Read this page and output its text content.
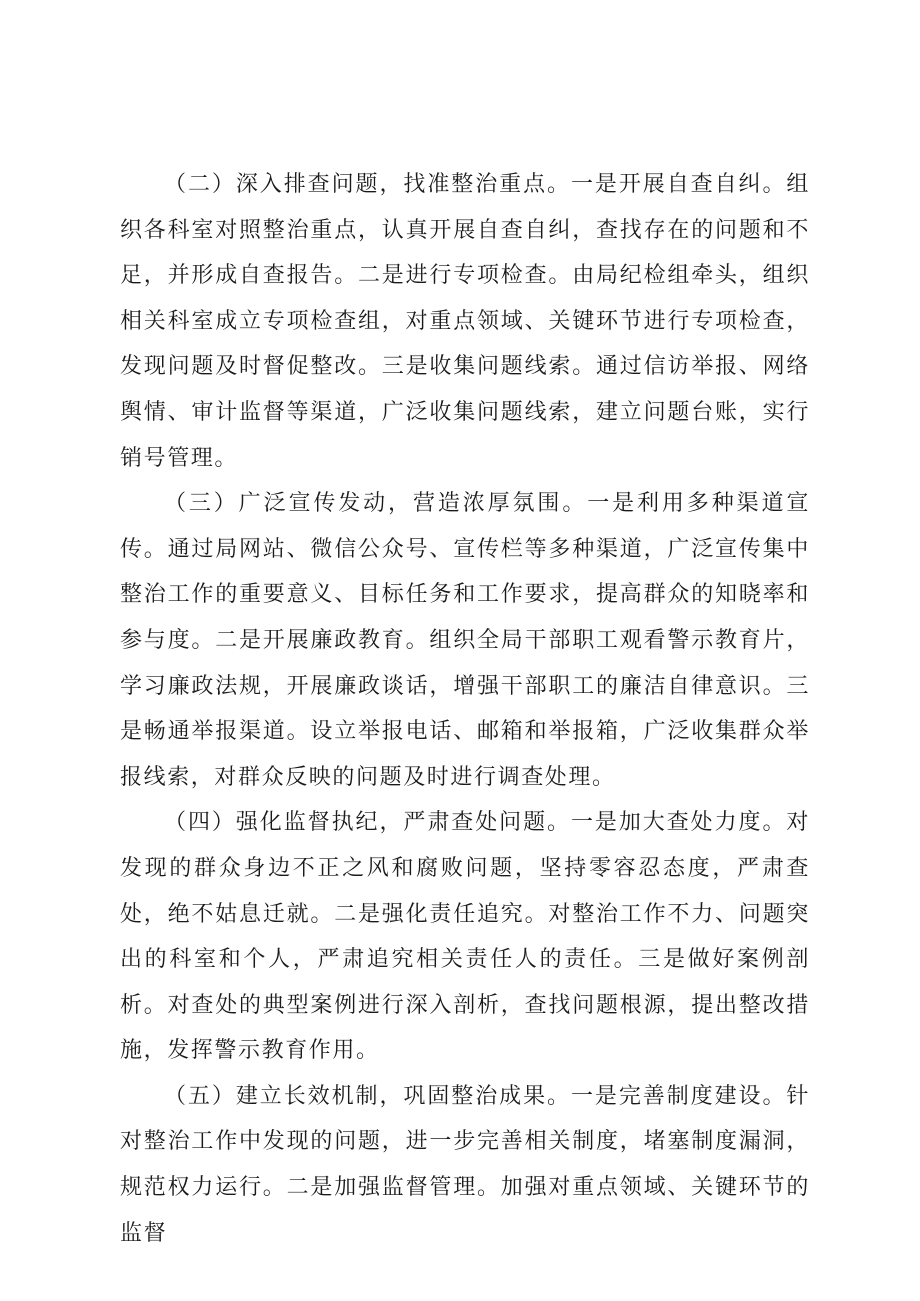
（二）深入排查问题，找准整治重点。一是开展自查自纠。组织各科室对照整治重点，认真开展自查自纠，查找存在的问题和不足，并形成自查报告。二是进行专项检查。由局纪检组牵头，组织相关科室成立专项检查组，对重点领域、关键环节进行专项检查，发现问题及时督促整改。三是收集问题线索。通过信访举报、网络舆情、审计监督等渠道，广泛收集问题线索，建立问题台账，实行销号管理。

（三）广泛宣传发动，营造浓厚氛围。一是利用多种渠道宣传。通过局网站、微信公众号、宣传栏等多种渠道，广泛宣传集中整治工作的重要意义、目标任务和工作要求，提高群众的知晓率和参与度。二是开展廉政教育。组织全局干部职工观看警示教育片，学习廉政法规，开展廉政谈话，增强干部职工的廉洁自律意识。三是畅通举报渠道。设立举报电话、邮箱和举报箱，广泛收集群众举报线索，对群众反映的问题及时进行调查处理。

（四）强化监督执纪，严肃查处问题。一是加大查处力度。对发现的群众身边不正之风和腐败问题，坚持零容忍态度，严肃查处，绝不姑息迁就。二是强化责任追究。对整治工作不力、问题突出的科室和个人，严肃追究相关责任人的责任。三是做好案例剖析。对查处的典型案例进行深入剖析，查找问题根源，提出整改措施，发挥警示教育作用。

（五）建立长效机制，巩固整治成果。一是完善制度建设。针对整治工作中发现的问题，进一步完善相关制度，堵塞制度漏洞，规范权力运行。二是加强监督管理。加强对重点领域、关键环节的监督
